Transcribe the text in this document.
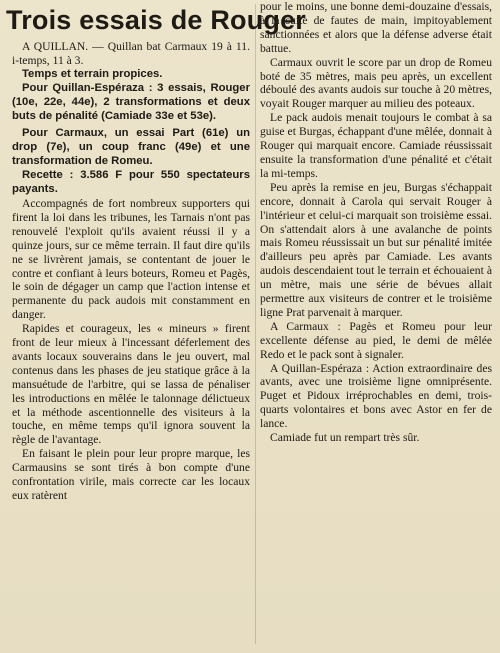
Trois essais de Rouger

A QUILLAN. — Quillan bat Carmaux 19 à 11. i-temps, 11 à 3.

Temps et terrain propices.

Pour Quillan-Espéraza : 3 essais, Rouger (10e, 22e, 44e), 2 transformations et deux buts de pénalité (Camiade 33e et 53e).

Pour Carmaux, un essai Part (61e) un drop (7e), un coup franc (49e) et une transformation de Romeu.

Recette : 3.586 F pour 550 spectateurs payants.

Accompagnés de fort nombreux supporters qui firent la loi dans les tribunes, les Tarnais n'ont pas renouvelé l'exploit qu'ils avaient réussi il y a quinze jours, sur ce même terrain. Il faut dire qu'ils ne se livrèrent jamais, se contentant de jouer le contre et confiant à leurs boteurs, Romeu et Pagès, le soin de dégager un camp que l'action intense et permanente du pack audois mit constamment en danger.

Rapides et courageux, les « mineurs » firent front de leur mieux à l'incessant déferlement des avants locaux souverains dans le jeu ouvert, mal contenus dans les phases de jeu statique grâce à la mansuétude de l'arbitre, qui se lassa de pénaliser les introductions en mêlée le talonnage délictueux et la méthode ascentionnelle des visiteurs à la touche, en même temps qu'il ignora souvent la règle de l'avantage.

En faisant le plein pour leur propre marque, les Carmausins se sont tirés à bon compte d'une confrontation virile, mais correcte car les locaux eux ratèrent

pour le moins, une bonne demi-douzaine d'essais, à la suite de fautes de main, impitoyablement sanctionnées et alors que la défense adverse était battue.

Carmaux ouvrit le score par un drop de Romeu boté de 35 mètres, mais peu après, un excellent déboulé des avants audois sur touche à 20 mètres, voyait Rouger marquer au milieu des poteaux.

Le pack audois menait toujours le combat à sa guise et Burgas, échappant d'une mêlée, donnait à Rouger qui marquait encore. Camiade réussissait ensuite la transformation d'une pénalité et c'était la mi-temps.

Peu après la remise en jeu, Burgas s'échappait encore, donnait à Carola qui servait Rouger à l'intérieur et celui-ci marquait son troisième essai. On s'attendait alors à une avalanche de points mais Romeu réussissait un but sur pénalité imitée d'ailleurs peu après par Camiade. Les avants audois descendaient tout le terrain et échouaient à un mètre, mais une série de bévues allait permettre aux visiteurs de contrer et le troisième ligne Prat parvenait à marquer.

A Carmaux : Pagès et Romeu pour leur excellente défense au pied, le demi de mêlée Redo et le pack sont à signaler.

A Quillan-Espéraza : Action extraordinaire des avants, avec une troisième ligne omniprésente. Puget et Pidoux irréprochables en demi, trois-quarts volontaires et bons avec Astor en fer de lance.

Camiade fut un rempart très sûr.
